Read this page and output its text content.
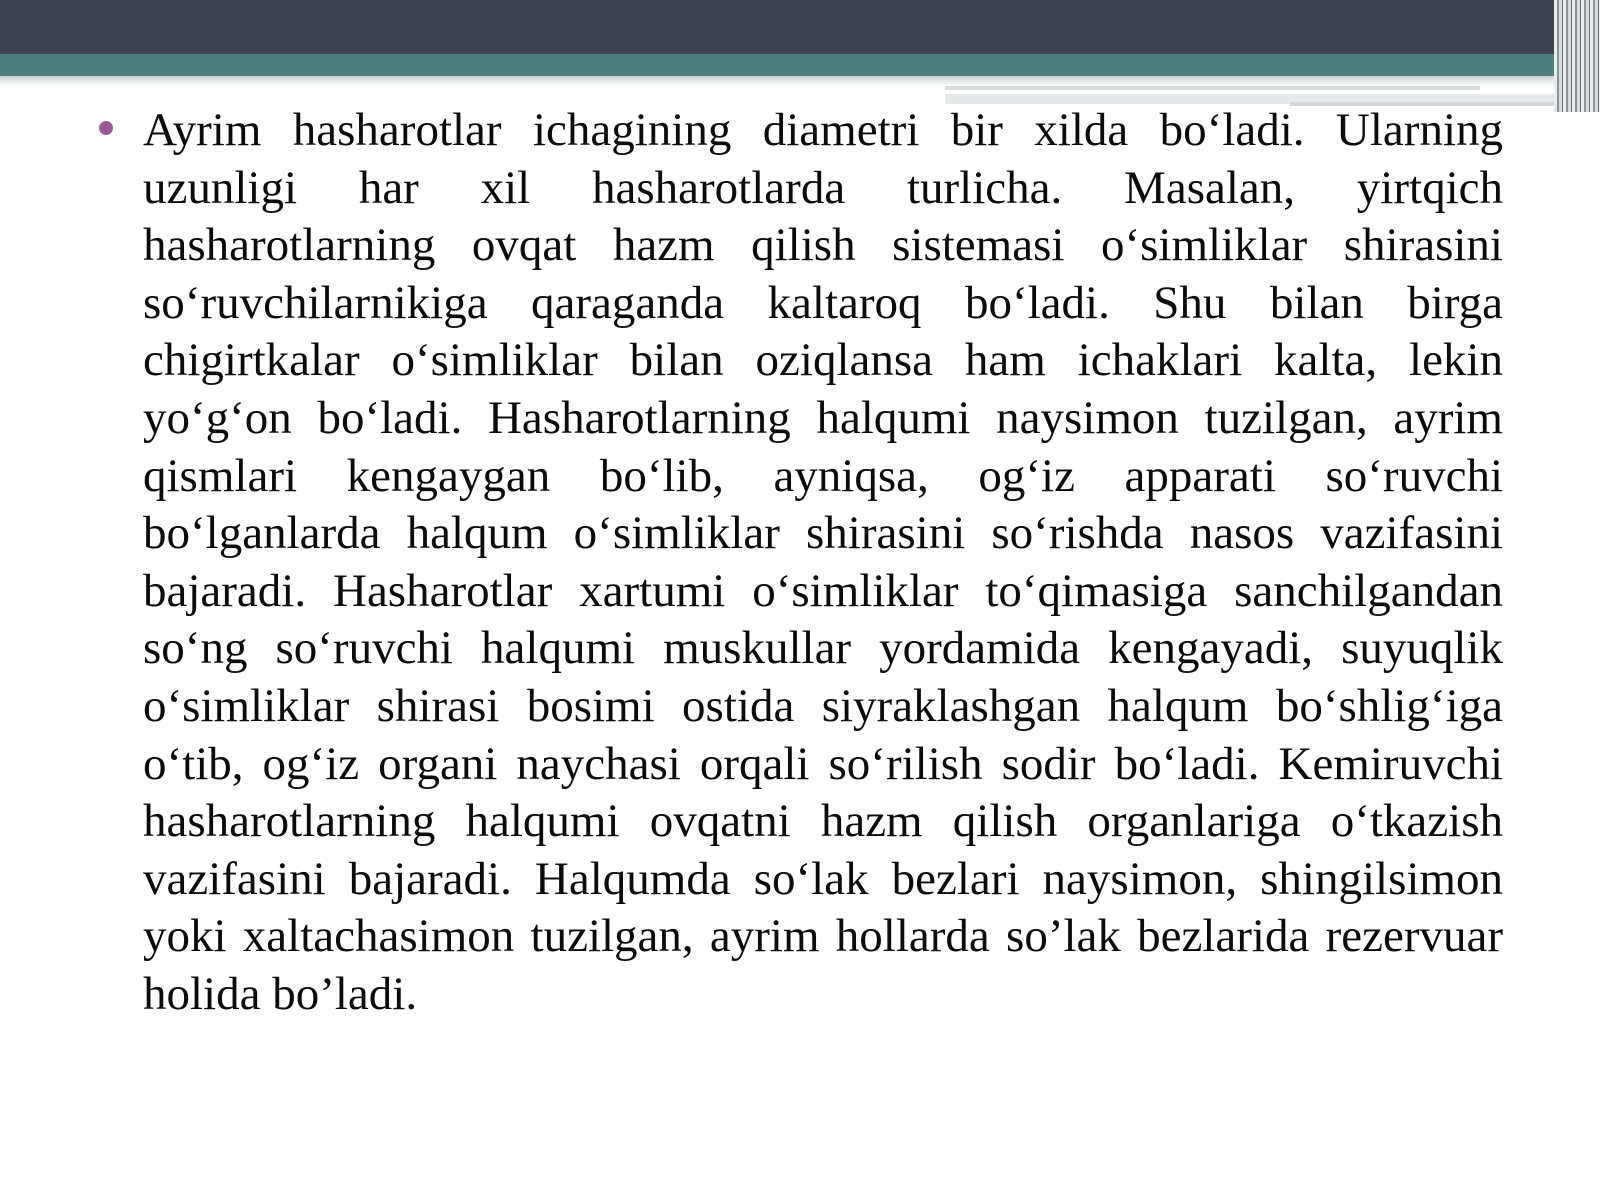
Ayrim hasharotlar ichagining diametri bir xilda bo‘ladi. Ularning uzunligi har xil hasharotlarda turlicha. Masalan, yirtqich hasharotlarning ovqat hazm qilish sistemasi o‘simliklar shirasini so‘ruvchilarnikiga qaraganda kaltaroq bo‘ladi. Shu bilan birga chigirtkalar o‘simliklar bilan oziqlansa ham ichaklari kalta, lekin yo‘g‘on bo‘ladi. Hasharotlarning halqumi naysimon tuzilgan, ayrim qismlari kengaygan bo‘lib, ayniqsa, og‘iz apparati so‘ruvchi bo‘lganlarda halqum o‘simliklar shirasini so‘rishda nasos vazifasini bajaradi. Hasharotlar xartumi o‘simliklar to‘qimasiga sanchilgandan so‘ng so‘ruvchi halqumi muskullar yordamida kengayadi, suyuqlik o‘simliklar shirasi bosimi ostida siyraklashgan halqum bo‘shlig‘iga o‘tib, og‘iz organi naychasi orqali so‘rilish sodir bo‘ladi. Kemiruvchi hasharotlarning halqumi ovqatni hazm qilish organlariga o‘tkazish vazifasini bajaradi. Halqumda so‘lak bezlari naysimon, shingilsimon yoki xaltachasimon tuzilgan, ayrim hollarda so’lak bezlarida rezervuar holida bo’ladi.
